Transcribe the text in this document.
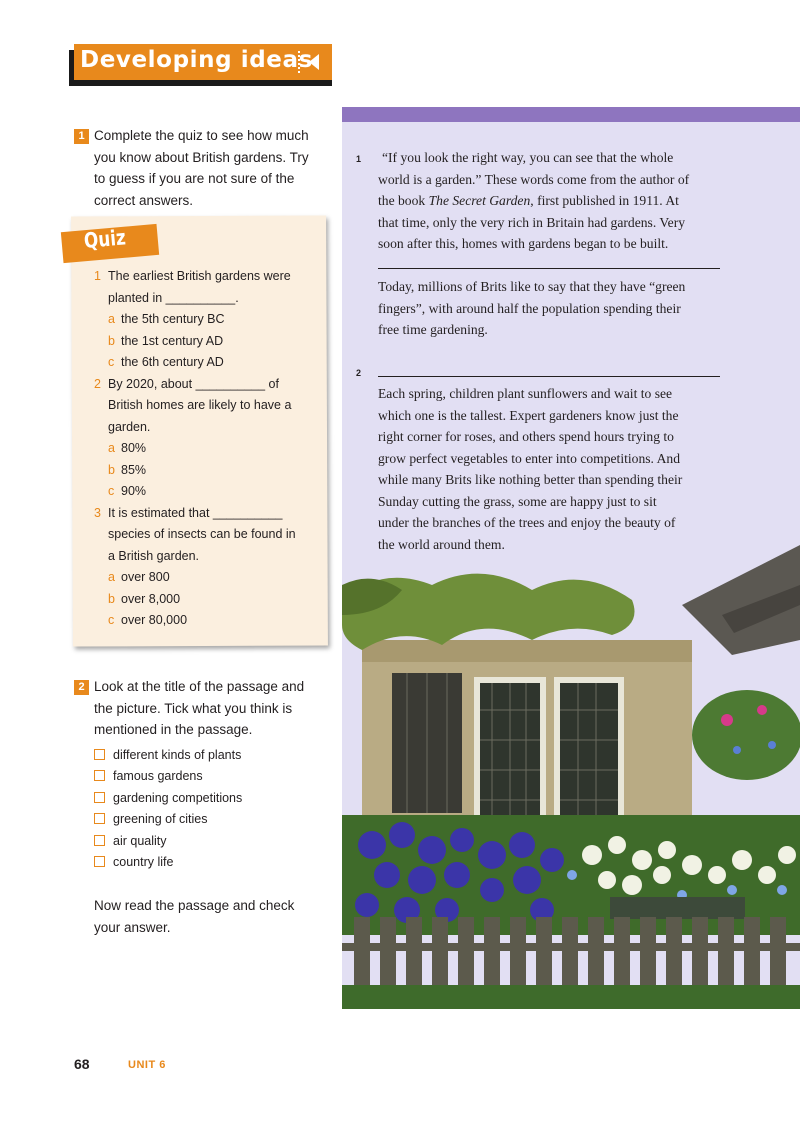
Developing ideas
1 Complete the quiz to see how much
you know about British gardens. Try
to guess if you are not sure of the
correct answers.
Quiz
1 The earliest British gardens were
planted in __________.
a the 5th century BC
b the 1st century AD
c the 6th century AD
2 By 2020, about __________ of
British homes are likely to have a
garden.
a 80%
b 85%
c 90%
3 It is estimated that __________
species of insects can be found in
a British garden.
a over 800
b over 8,000
c over 80,000
2 Look at the title of the passage and
the picture. Tick what you think is
mentioned in the passage.
different kinds of plants
famous gardens
gardening competitions
greening of cities
air quality
country life
Now read the passage and check
your answer.
1 “If you look the right way, you can see that the whole
world is a garden.” These words come from the author of
the book The Secret Garden, first published in 1911. At
that time, only the very rich in Britain had gardens. Very
soon after this, homes with gardens began to be built.
Today, millions of Brits like to say that they have “green
fingers”, with around half the population spending their
free time gardening.
2
Each spring, children plant sunflowers and wait to see
which one is the tallest. Expert gardeners know just the
right corner for roses, and others spend hours trying to
grow perfect vegetables to enter into competitions. And
while many Brits like nothing better than spending their
Sunday cutting the grass, some are happy just to sit
under the branches of the trees and enjoy the beauty of
the world around them.
68	UNIT 6
